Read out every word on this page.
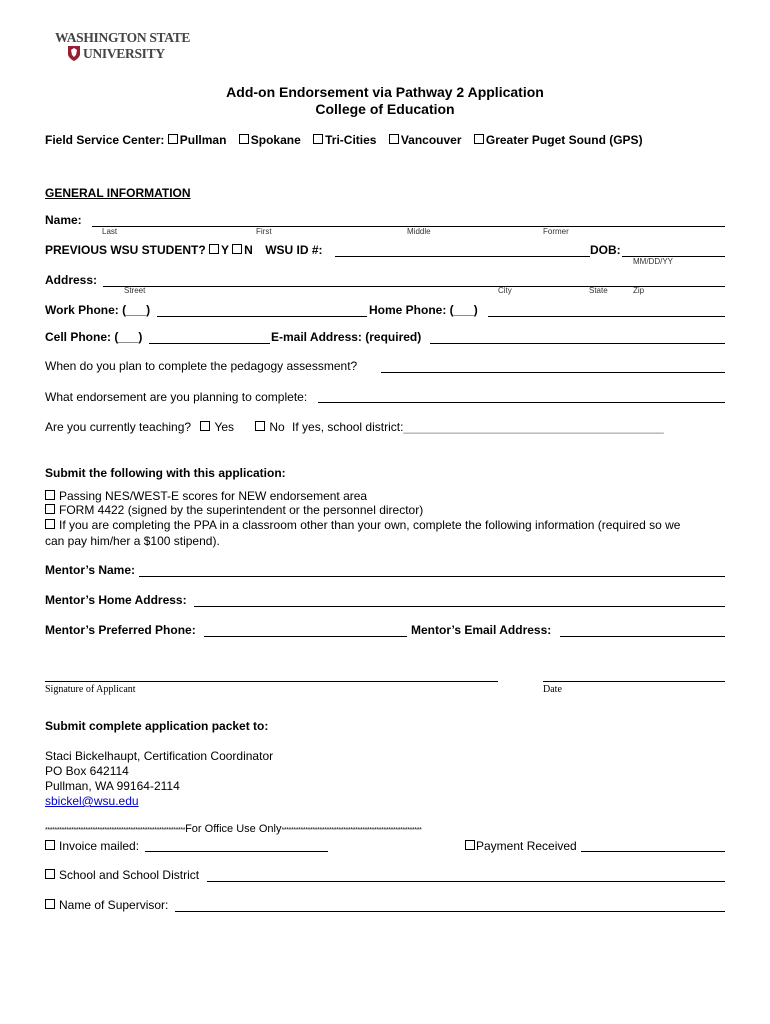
WASHINGTON STATE
UNIVERSITY
Add-on Endorsement via Pathway 2 Application
College of Education
Field Service Center: Pullman Spokane Tri-Cities Vancouver Greater Puget Sound (GPS)
GENERAL INFORMATION
Name:
Last	First	Middle	Former
PREVIOUS WSU STUDENT? Y N WSU ID #:	DOB:
MM/DD/YY
Address:
Street	City	State	Zip
Work Phone: (___)	Home Phone: (___)
Cell Phone: (___)	E-mail Address: (required)
When do you plan to complete the pedagogy assessment?
What endorsement are you planning to complete:
Are you currently teaching? Yes	No If yes, school district:_______________________________________
Submit the following with this application:
Passing NES/WEST-E scores for NEW endorsement area
FORM 4422 (signed by the superintendent or the personnel director)
If you are completing the PPA in a classroom other than your own, complete the following information (required so we
can pay him/her a $100 stipend).
Mentor’s Name:
Mentor’s Home Address:
Mentor’s Preferred Phone:	Mentor’s Email Address:
Signature of Applicant	Date
Submit complete application packet to:
Staci Bickelhaupt, Certification Coordinator
PO Box 642114
Pullman, WA 99164-2114
sbickel@wsu.edu
***********************************************************For Office Use Only***********************************************************
Invoice mailed:	Payment Received
School and School District
Name of Supervisor:
